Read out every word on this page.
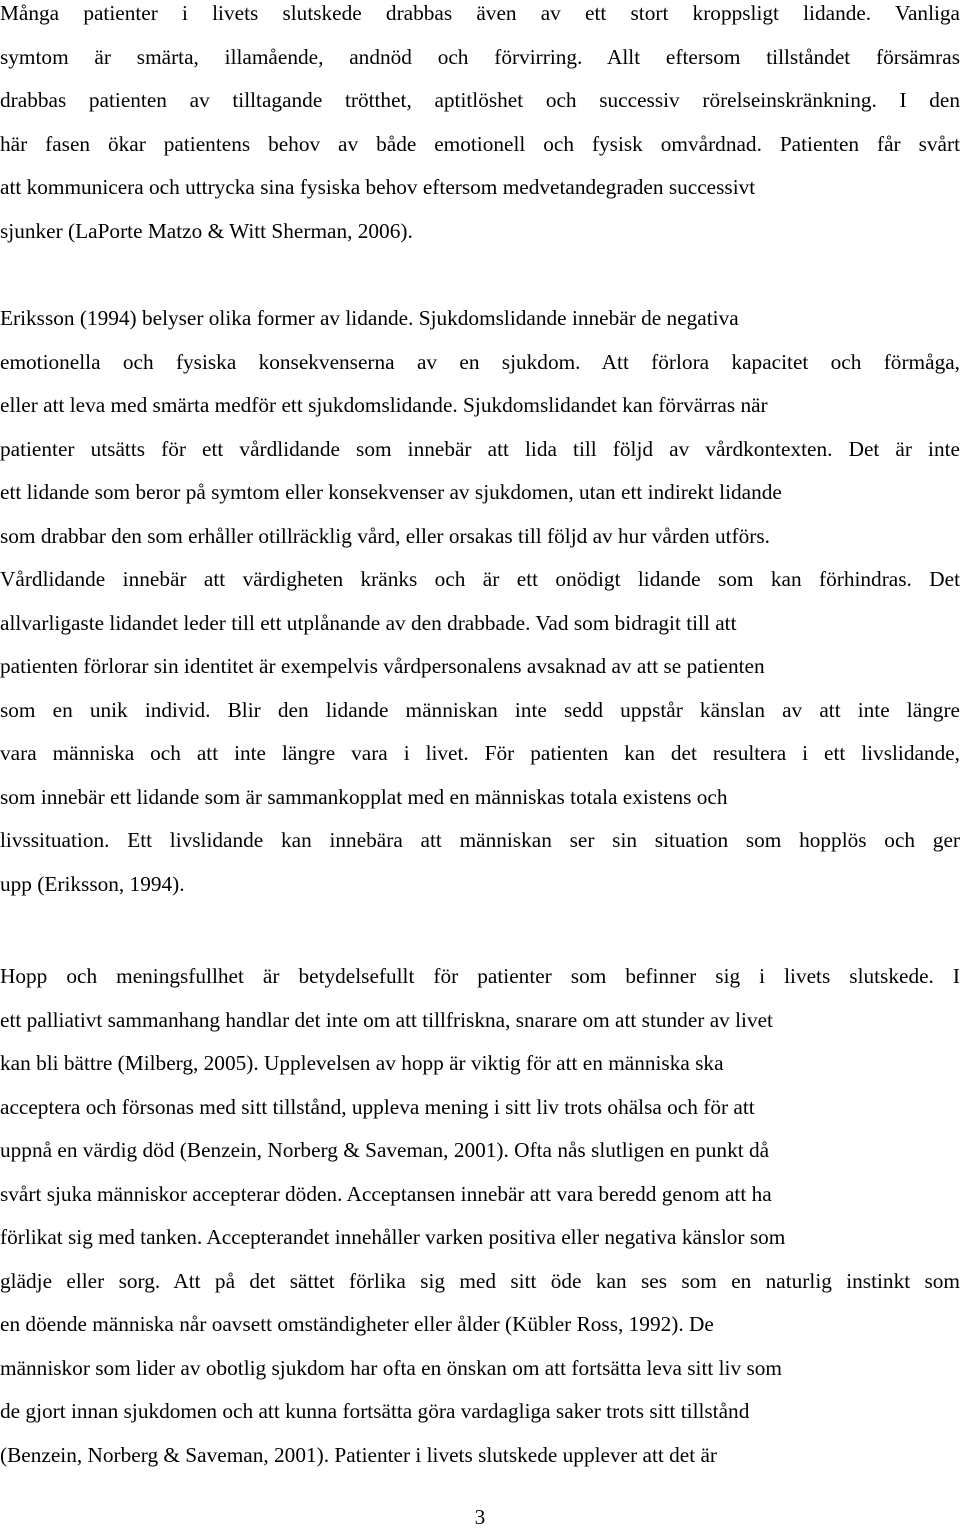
Många patienter i livets slutskede drabbas även av ett stort kroppsligt lidande. Vanliga
symtom är smärta, illamående, andnöd och förvirring. Allt eftersom tillståndet försämras
drabbas patienten av tilltagande trötthet, aptitlöshet och successiv rörelseinskränkning. I den
här fasen ökar patientens behov av både emotionell och fysisk omvårdnad. Patienten får svårt
att kommunicera och uttrycka sina fysiska behov eftersom medvetandegraden successivt
sjunker (LaPorte Matzo & Witt Sherman, 2006).
Eriksson (1994) belyser olika former av lidande. Sjukdomslidande innebär de negativa
emotionella och fysiska konsekvenserna av en sjukdom. Att förlora kapacitet och förmåga,
eller att leva med smärta medför ett sjukdomslidande. Sjukdomslidandet kan förvärras när
patienter utsätts för ett vårdlidande som innebär att lida till följd av vårdkontexten. Det är inte
ett lidande som beror på symtom eller konsekvenser av sjukdomen, utan ett indirekt lidande
som drabbar den som erhåller otillräcklig vård, eller orsakas till följd av hur vården utförs.
Vårdlidande innebär att värdigheten kränks och är ett onödigt lidande som kan förhindras. Det
allvarligaste lidandet leder till ett utplånande av den drabbade. Vad som bidragit till att
patienten förlorar sin identitet är exempelvis vårdpersonalens avsaknad av att se patienten
som en unik individ. Blir den lidande människan inte sedd uppstår känslan av att inte längre
vara människa och att inte längre vara i livet. För patienten kan det resultera i ett livslidande,
som innebär ett lidande som är sammankopplat med en människas totala existens och
livssituation. Ett livslidande kan innebära att människan ser sin situation som hopplös och ger
upp (Eriksson, 1994).
Hopp och meningsfullhet är betydelsefullt för patienter som befinner sig i livets slutskede. I
ett palliativt sammanhang handlar det inte om att tillfriskna, snarare om att stunder av livet
kan bli bättre (Milberg, 2005). Upplevelsen av hopp är viktig för att en människa ska
acceptera och försonas med sitt tillstånd, uppleva mening i sitt liv trots ohälsa och för att
uppnå en värdig död (Benzein, Norberg & Saveman, 2001). Ofta nås slutligen en punkt då
svårt sjuka människor accepterar döden. Acceptansen innebär att vara beredd genom att ha
förlikat sig med tanken. Accepterandet innehåller varken positiva eller negativa känslor som
glädje eller sorg. Att på det sättet förlika sig med sitt öde kan ses som en naturlig instinkt som
en döende människa når oavsett omständigheter eller ålder (Kübler Ross, 1992). De
människor som lider av obotlig sjukdom har ofta en önskan om att fortsätta leva sitt liv som
de gjort innan sjukdomen och att kunna fortsätta göra vardagliga saker trots sitt tillstånd
(Benzein, Norberg & Saveman, 2001). Patienter i livets slutskede upplever att det är
3
